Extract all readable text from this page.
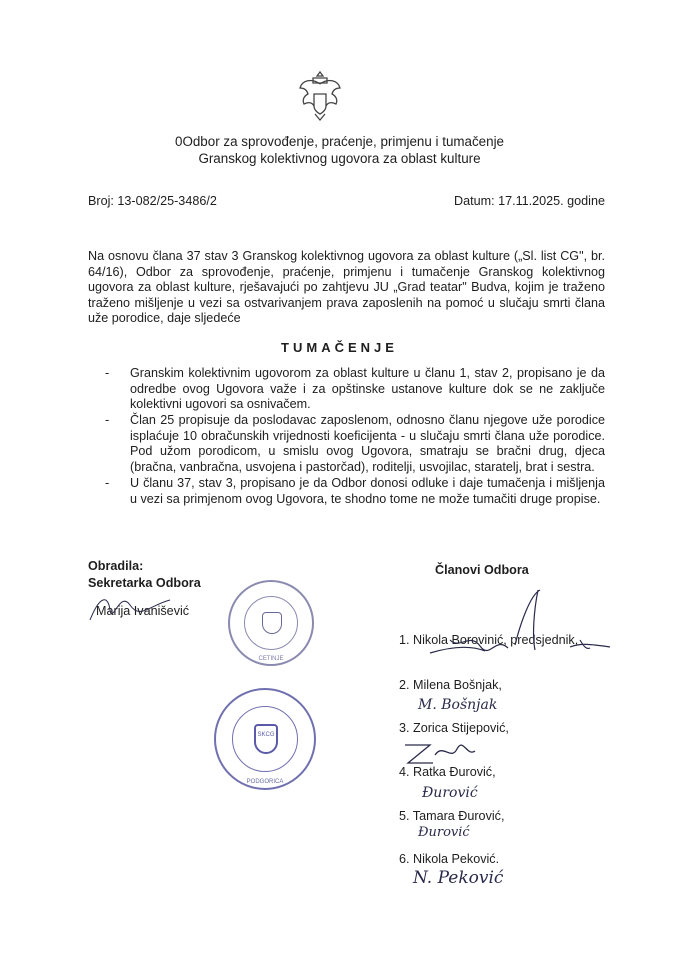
0Odbor za sprovođenje, praćenje, primjenu i tumačenje
Granskog kolektivnog ugovora za oblast kulture
Broj: 13-082/25-3486/2	Datum: 17.11.2025. godine
Na osnovu člana 37 stav 3 Granskog kolektivnog ugovora za oblast kulture („Sl. list CG", br. 64/16), Odbor za sprovođenje, praćenje, primjenu i tumačenje Granskog kolektivnog ugovora za oblast kulture, rješavajući po zahtjevu JU „Grad teatar" Budva, kojim je traženo traženo mišljenje u vezi sa ostvarivanjem prava zaposlenih na pomoć u slučaju smrti člana uže porodice, daje sljedeće
TUMAČENJE
- Granskim kolektivnim ugovorom za oblast kulture u članu 1, stav 2, propisano je da odredbe ovog Ugovora važe i za opštinske ustanove kulture dok se ne zaključe kolektivni ugovori sa osnivačem.
- Član 25 propisuje da poslodavac zaposlenom, odnosno članu njegove uže porodice isplaćuje 10 obračunskih vrijednosti koeficijenta - u slučaju smrti člana uže porodice. Pod užom porodicom, u smislu ovog Ugovora, smatraju se bračni drug, djeca (bračna, vanbračna, usvojena i pastorčad), roditelji, usvojilac, staratelj, brat i sestra.
- U članu 37, stav 3, propisano je da Odbor donosi odluke i daje tumačenja i mišljenja u vezi sa primjenom ovog Ugovora, te shodno tome ne može tumačiti druge propise.
Obradila:
Sekretarka Odbora
Marija Ivanišević
CETINJE
SKCG
PODGORICA
Članovi Odbora
1. Nikola Borovinić, predsjednik,
2. Milena Bošnjak,
3. Zorica Stijepović,
4. Ratka Đurović,
5. Tamara Đurović,
6. Nikola Peković.
M. Bošnjak
Đurović
Đurović
N. Peković
